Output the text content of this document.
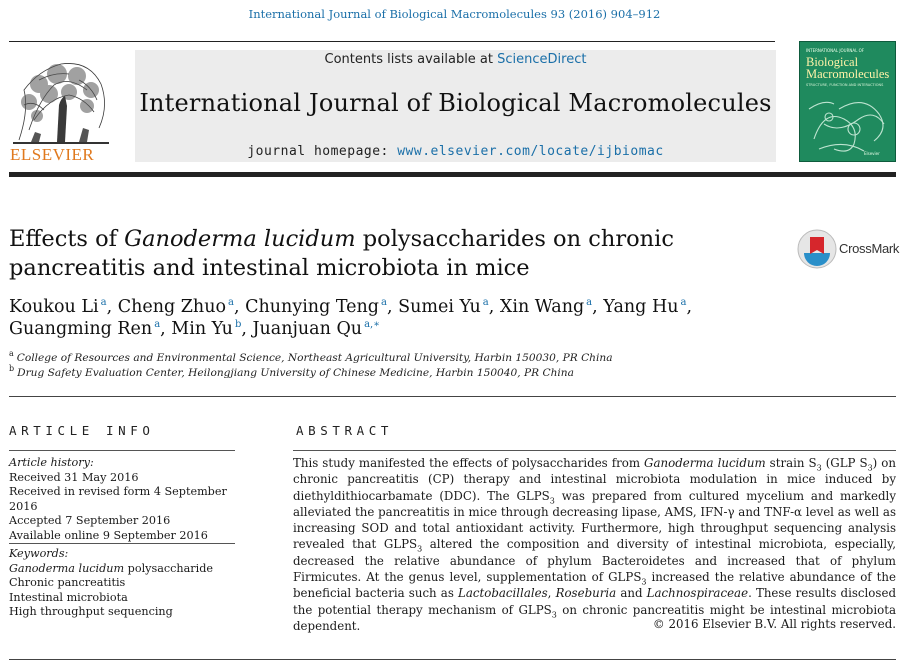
International Journal of Biological Macromolecules 93 (2016) 904–912
ELSEVIER
Contents lists available at ScienceDirect
International Journal of Biological Macromolecules
journal homepage: www.elsevier.com/locate/ijbiomac
INTERNATIONAL JOURNAL OF
Biological
Macromolecules
STRUCTURE, FUNCTION AND INTERACTIONS
Elsevier
Effects of Ganoderma lucidum polysaccharides on chronic pancreatitis and intestinal microbiota in mice
CrossMark
Koukou Li $^a$, Cheng Zhuo $^a$, Chunying Teng $^a$, Sumei Yu $^a$, Xin Wang $^a$, Yang Hu $^a$,
Guangming Ren $^a$, Min Yu $^b$, Juanjuan Qu $^{a,∗}$
$^a$ College of Resources and Environmental Science, Northeast Agricultural University, Harbin 150030, PR China
$^b$ Drug Safety Evaluation Center, Heilongjiang University of Chinese Medicine, Harbin 150040, PR China
ARTICLE INFO	ABSTRACT
Article history:
Received 31 May 2016
Received in revised form 4 September 2016
Accepted 7 September 2016
Available online 9 September 2016
Keywords:
Ganoderma lucidum polysaccharide
Chronic pancreatitis
Intestinal microbiota
High throughput sequencing
This study manifested the effects of polysaccharides from Ganoderma lucidum strain $S_3$ (GLP $S_3$) on chronic pancreatitis (CP) therapy and intestinal microbiota modulation in mice induced by diethyldithiocarbamate (DDC). The $GLPS_3$ was prepared from cultured mycelium and markedly alleviated the pancreatitis in mice through decreasing lipase, AMS, IFN-γ and TNF-α level as well as increasing SOD and total antioxidant activity. Furthermore, high throughput sequencing analysis revealed that $GLPS_3$ altered the composition and diversity of intestinal microbiota, especially, decreased the relative abundance of phylum Bacteroidetes and increased that of phylum Firmicutes. At the genus level, supplementation of $GLPS_3$ increased the relative abundance of the beneficial bacteria such as Lactobacillales, Roseburia and Lachnospiraceae. These results disclosed the potential therapy mechanism of $GLPS_3$ on chronic pancreatitis might be intestinal microbiota dependent.	© 2016 Elsevier B.V. All rights reserved.
